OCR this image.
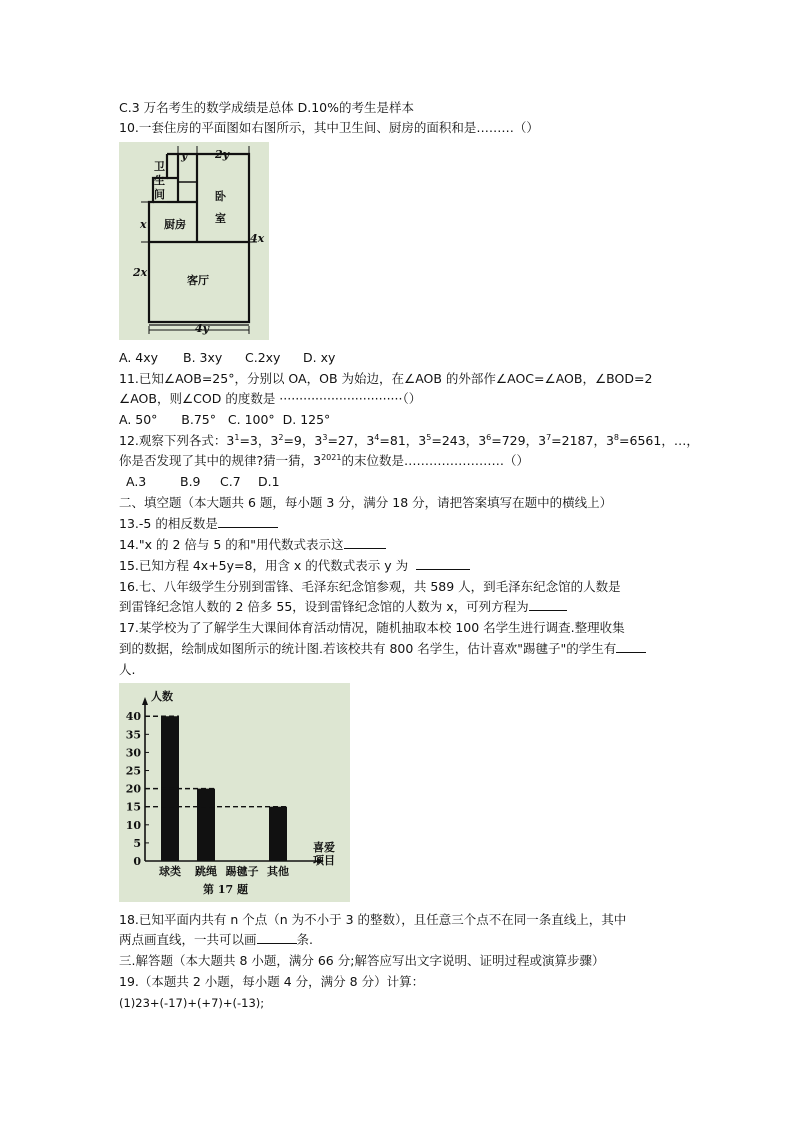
C.3 万名考生的数学成绩是总体 D.10%的考生是样本
10.一套住房的平面图如右图所示，其中卫生间、厨房的面积和是………（）
y	2y
卫
生
间	卧
室
厨房
客厅
x
2x
4x
4y
A. 4xy B. 3xy C.2xy D. xy
11.已知∠AOB=25°，分别以 OA，OB 为始边，在∠AOB 的外部作∠AOC=∠AOB，∠BOD=2
∠AOB，则∠COD 的度数是 ·······························（）
A. 50°      B.75°   C. 100°  D. 125°
12.观察下列各式：$3^1=3$，$3^2=9$，$3^3=27$，$3^4=81$，$3^5=243$，$3^6=729$，$3^7=2187$，$3^8=6561$，…，
你是否发现了其中的规律?猜一猜，$3^{2021}$的末位数是……………………（）
A.3	B.9 C.7 D.1
二、填空题（本大题共 6 题，每小题 3 分，满分 18 分，请把答案填写在题中的横线上）
13.-5 的相反数是
14."x 的 2 倍与 5 的和"用代数式表示这
15.已知方程 4x+5y=8，用含 x 的代数式表示 y 为
16.七、八年级学生分别到雷锋、毛泽东纪念馆参观，共 589 人，到毛泽东纪念馆的人数是
到雷锋纪念馆人数的 2 倍多 55，设到雷锋纪念馆的人数为 x，可列方程为
17.某学校为了了解学生大课间体育活动情况，随机抽取本校 100 名学生进行调查.整理收集
到的数据，绘制成如图所示的统计图.若该校共有 800 名学生，估计喜欢"踢毽子"的学生有
人.
0
5
10
15
20
25
30
35
40
球类 跳绳 踢毽子 其他
人数
喜爱
项目
第 17 题
18.已知平面内共有 n 个点（n 为不小于 3 的整数），且任意三个点不在同一条直线上，其中
两点画直线，一共可以画	条.
三.解答题（本大题共 8 小题，满分 66 分;解答应写出文字说明、证明过程或演算步骤）
19.（本题共 2 小题，每小题 4 分，满分 8 分）计算：
(1)23+(-17)+(+7)+(-13);
